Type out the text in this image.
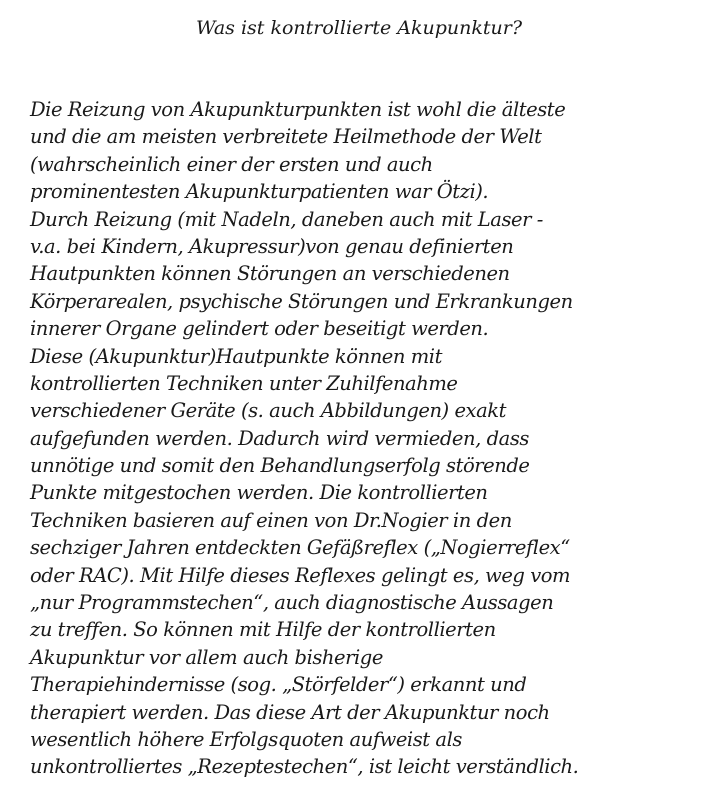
Was ist kontrollierte Akupunktur?
Die Reizung von Akupunkturpunkten ist wohl die älteste
und die am meisten verbreitete Heilmethode der Welt
(wahrscheinlich einer der ersten und auch
prominentesten Akupunkturpatienten war Ötzi).
Durch Reizung (mit Nadeln, daneben auch mit Laser -
v.a. bei Kindern, Akupressur)von genau definierten
Hautpunkten können Störungen an verschiedenen
Körperarealen, psychische Störungen und Erkrankungen
innerer Organe gelindert oder beseitigt werden.
Diese (Akupunktur)Hautpunkte können mit
kontrollierten Techniken unter Zuhilfenahme
verschiedener Geräte (s. auch Abbildungen) exakt
aufgefunden werden. Dadurch wird vermieden, dass
unnötige und somit den Behandlungserfolg störende
Punkte mitgestochen werden. Die kontrollierten
Techniken basieren auf einen von Dr.Nogier in den
sechziger Jahren entdeckten Gefäßreflex („Nogierreflex“
oder RAC). Mit Hilfe dieses Reflexes gelingt es, weg vom
„nur Programmstechen“, auch diagnostische Aussagen
zu treffen. So können mit Hilfe der kontrollierten
Akupunktur vor allem auch bisherige
Therapiehindernisse (sog. „Störfelder“) erkannt und
therapiert werden. Das diese Art der Akupunktur noch
wesentlich höhere Erfolgsquoten aufweist als
unkontrolliertes „Rezeptestechen“, ist leicht verständlich.
